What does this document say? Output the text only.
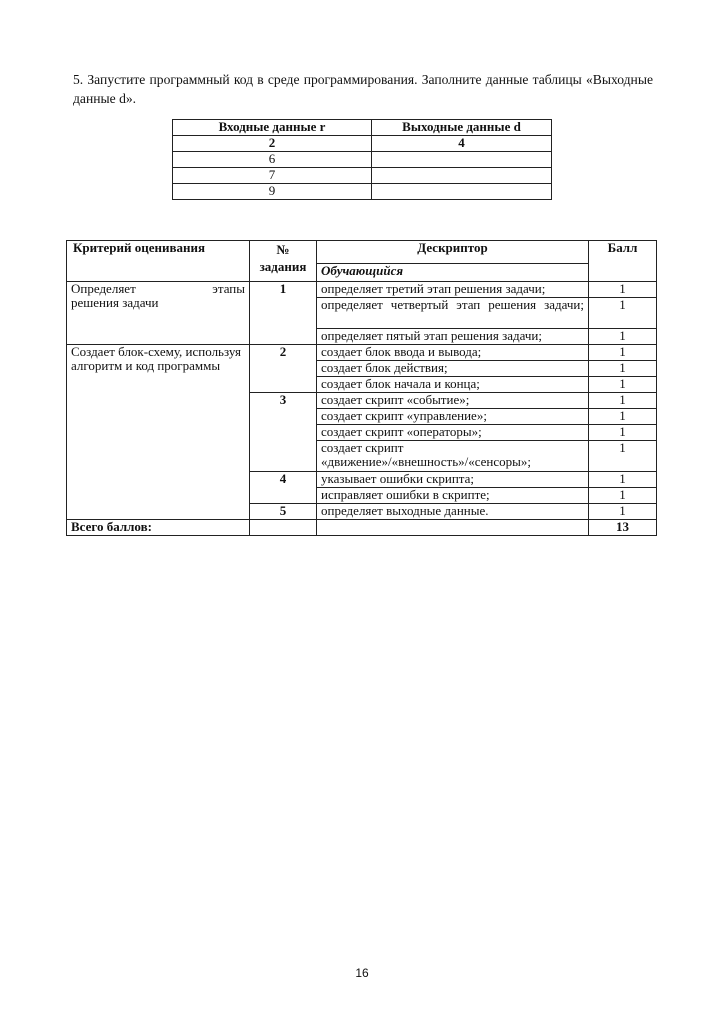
5. Запустите программный код в среде программирования. Заполните данные таблицы «Выходные данные d».

Входные данные r	Выходные данные d
2	4
6	
7	
9	
Критерий оценивания	№ задания	Дескриптор	Балл
		Обучающийся	

Определяет этапы
решения задачи	1	определяет третий этап решения задачи;	1
		определяет четвертый этап решения задачи;	1
		определяет пятый этап решения задачи;	1
Создает блок-схему, используя алгоритм и код программы	2	создает блок ввода и вывода;	1
		создает блок действия;	1
		создает блок начала и конца;	1
	3	создает скрипт «событие»;	1
		создает скрипт «управление»;	1
		создает скрипт «операторы»;	1

		создает скрипт
«движение»/«внешность»/«сенсоры»;	1
	4	указывает ошибки скрипта;	1
		исправляет ошибки в скрипте;	1
	5	определяет выходные данные.	1
Всего баллов:			13
16
